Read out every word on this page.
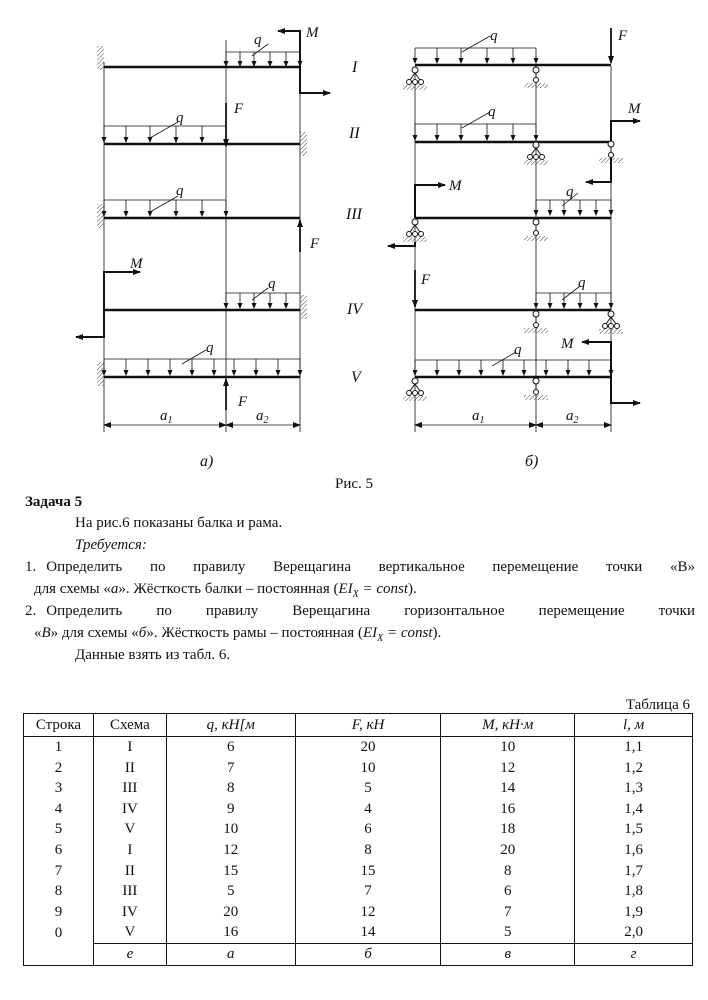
q	M
F
q
q
F
M
q
q
F
$a_1$	$a_2$
а)
I
II
III
IV
V
q	F
q	M
M	q
F	q
M
q
$a_1$	$a_2$
б)
Рис. 5
Задача 5
На рис.6 показаны балка и рама.
Требуется:
1. Определить по правилу Верещагина вертикальное перемещение точки «B»
для схемы «a». Жёсткость балки – постоянная ($EI_X$ = const).
2. Определить по правилу Верещагина горизонтальное перемещение точки
«B» для схемы «б». Жёсткость рамы – постоянная ($EI_X$ = const).
Данные взять из табл. 6.
Таблица 6
Строка	Схема	q, кН[м	F, кН	M, кН·м	l, м
1	I	6	20	10	1,1
2	II	7	10	12	1,2
3	III	8	5	14	1,3
4	IV	9	4	16	1,4
5	V	10	6	18	1,5
6	I	12	8	20	1,6
7	II	15	15	8	1,7
8	III	5	7	6	1,8
9	IV	20	12	7	1,9
0	V	16	14	5	2,0
	е	а	б	в	г
